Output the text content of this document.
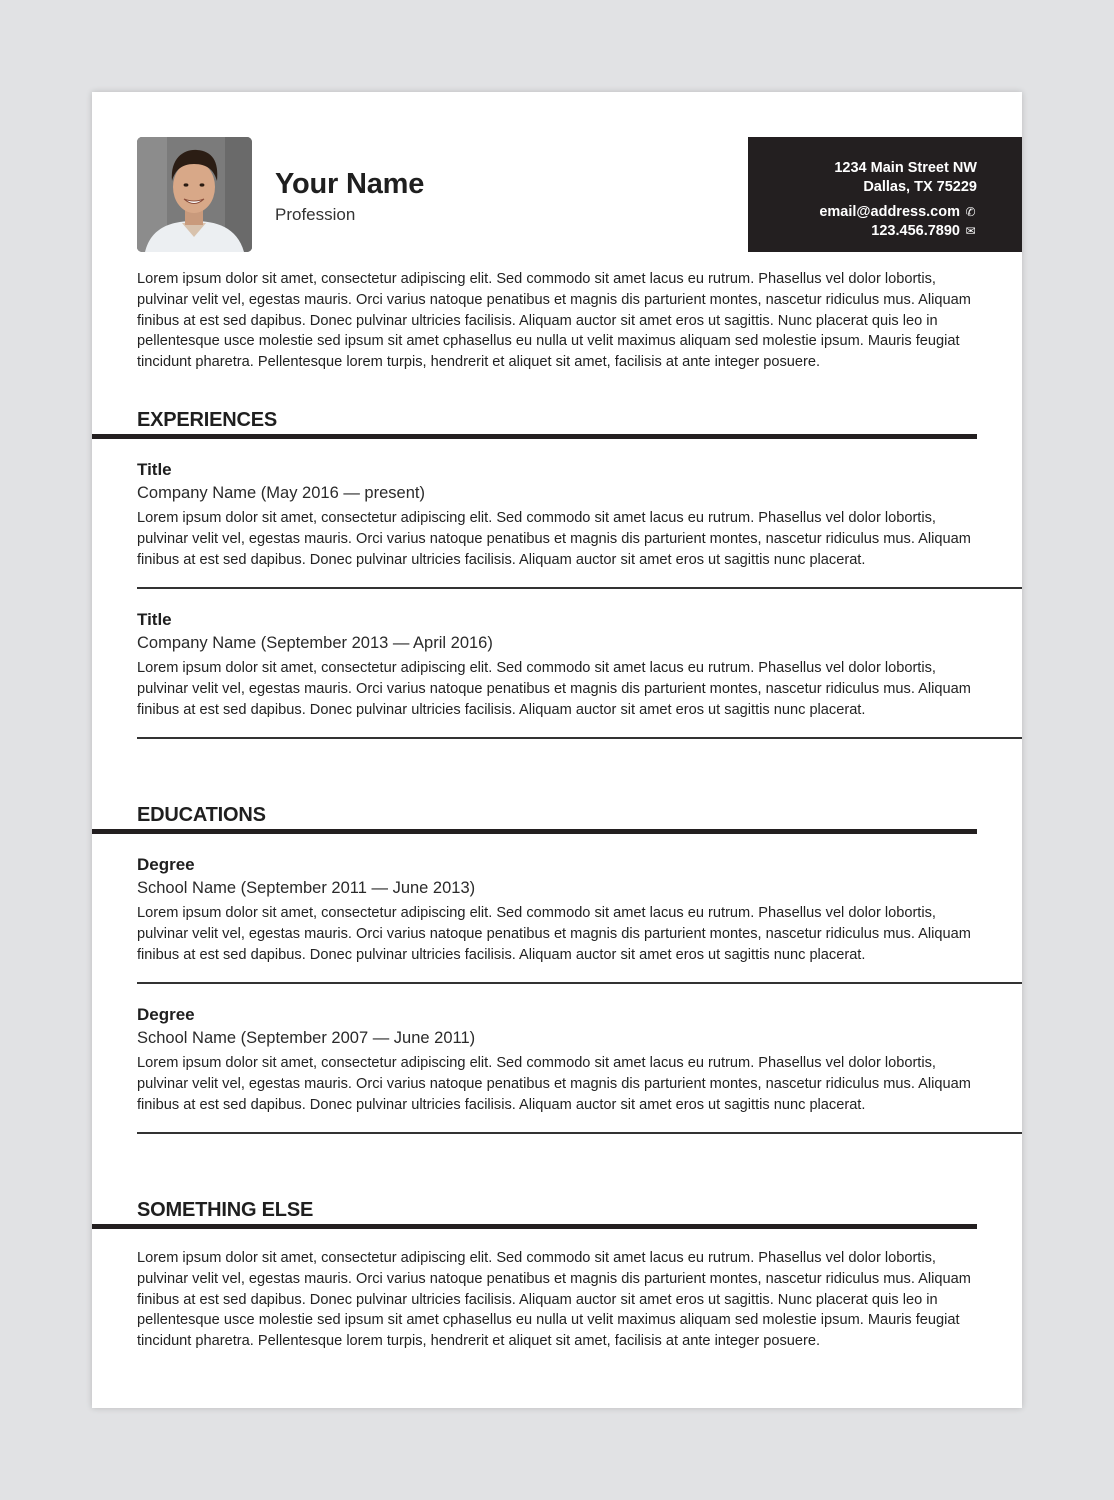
Your Name
Profession
1234 Main Street NW
Dallas, TX 75229
email@address.com ✆
123.456.7890 ✉

Lorem ipsum dolor sit amet, consectetur adipiscing elit. Sed commodo sit amet lacus eu rutrum. Phasellus vel dolor lobortis, pulvinar velit vel, egestas mauris. Orci varius natoque penatibus et magnis dis parturient montes, nascetur ridiculus mus. Aliquam finibus at est sed dapibus. Donec pulvinar ultricies facilisis. Aliquam auctor sit amet eros ut sagittis. Nunc placerat quis leo in pellentesque usce molestie sed ipsum sit amet cphasellus eu nulla ut velit maximus aliquam sed molestie ipsum. Mauris feugiat tincidunt pharetra. Pellentesque lorem turpis, hendrerit et aliquet sit amet, facilisis at ante integer posuere.

EXPERIENCES
Title
Company Name (May 2016 — present)

Lorem ipsum dolor sit amet, consectetur adipiscing elit. Sed commodo sit amet lacus eu rutrum. Phasellus vel dolor lobortis, pulvinar velit vel, egestas mauris. Orci varius natoque penatibus et magnis dis parturient montes, nascetur ridiculus mus. Aliquam finibus at est sed dapibus. Donec pulvinar ultricies facilisis. Aliquam auctor sit amet eros ut sagittis nunc placerat.

Title
Company Name (September 2013 — April 2016)

Lorem ipsum dolor sit amet, consectetur adipiscing elit. Sed commodo sit amet lacus eu rutrum. Phasellus vel dolor lobortis, pulvinar velit vel, egestas mauris. Orci varius natoque penatibus et magnis dis parturient montes, nascetur ridiculus mus. Aliquam finibus at est sed dapibus. Donec pulvinar ultricies facilisis. Aliquam auctor sit amet eros ut sagittis nunc placerat.

EDUCATIONS
Degree
School Name (September 2011 — June 2013)

Lorem ipsum dolor sit amet, consectetur adipiscing elit. Sed commodo sit amet lacus eu rutrum. Phasellus vel dolor lobortis, pulvinar velit vel, egestas mauris. Orci varius natoque penatibus et magnis dis parturient montes, nascetur ridiculus mus. Aliquam finibus at est sed dapibus. Donec pulvinar ultricies facilisis. Aliquam auctor sit amet eros ut sagittis nunc placerat.

Degree
School Name (September 2007 — June 2011)

Lorem ipsum dolor sit amet, consectetur adipiscing elit. Sed commodo sit amet lacus eu rutrum. Phasellus vel dolor lobortis, pulvinar velit vel, egestas mauris. Orci varius natoque penatibus et magnis dis parturient montes, nascetur ridiculus mus. Aliquam finibus at est sed dapibus. Donec pulvinar ultricies facilisis. Aliquam auctor sit amet eros ut sagittis nunc placerat.

SOMETHING ELSE

Lorem ipsum dolor sit amet, consectetur adipiscing elit. Sed commodo sit amet lacus eu rutrum. Phasellus vel dolor lobortis, pulvinar velit vel, egestas mauris. Orci varius natoque penatibus et magnis dis parturient montes, nascetur ridiculus mus. Aliquam finibus at est sed dapibus. Donec pulvinar ultricies facilisis. Aliquam auctor sit amet eros ut sagittis. Nunc placerat quis leo in pellentesque usce molestie sed ipsum sit amet cphasellus eu nulla ut velit maximus aliquam sed molestie ipsum. Mauris feugiat tincidunt pharetra. Pellentesque lorem turpis, hendrerit et aliquet sit amet, facilisis at ante integer posuere.
